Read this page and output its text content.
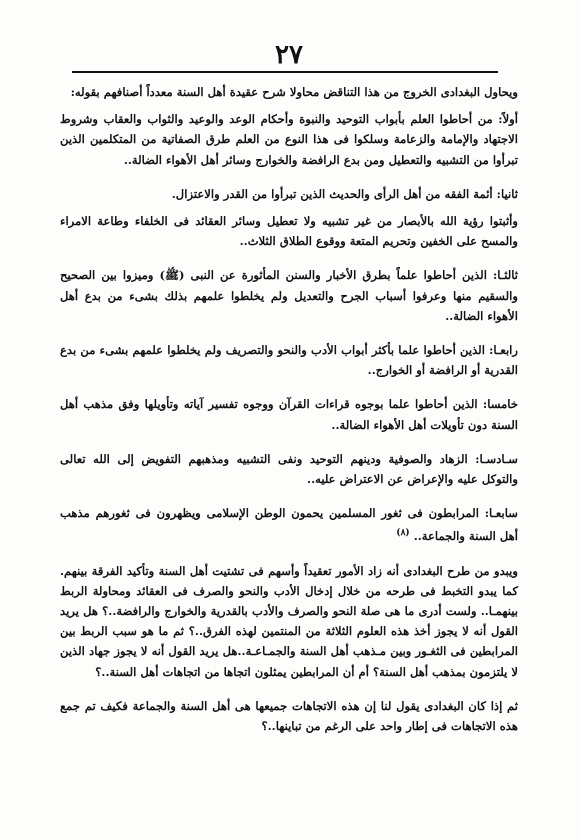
٢٧

ويحاول البغدادى الخروج من هذا التناقض محاولا شرح عقيدة أهل السنة معدداً أصنافهم بقوله:

أولاً: من أحاطوا العلم بأبواب التوحيد والنبوة وأحكام الوعد والوعيد والثواب والعقاب وشروط الاجتهاد والإمامة والزعامة وسلكوا فى هذا النوع من العلم طرق الصفاتية من المتكلمين الذين تبرأوا من التشبيه والتعطيل ومن بدع الرافضة والخوارج وسائر أهل الأهواء الضالة..

ثانيا: أئمة الفقه من أهل الرأى والحديث الذين تبرأوا من القدر والاعتزال.

وأثبتوا رؤية الله بالأبصار من غير تشبيه ولا تعطيل وسائر العقائد فى الخلفاء وطاعة الامراء والمسح على الخفين وتحريم المتعة ووقوع الطلاق الثلاث..

ثالثـا: الذين أحاطوا علماً بطرق الأخبار والسنن المأثورة عن النبى (ﷺ) وميزوا بين الصحيح والسقيم منها وعرفوا أسباب الجرح والتعديل ولم يخلطوا علمهم بذلك بشىء من بدع أهل الأهواء الضالة..

رابعـا: الذين أحاطوا علما بأكثر أبواب الأدب والنحو والتصريف ولم يخلطوا علمهم بشىء من بدع القدرية أو الرافضة أو الخوارج..

خامسا: الذين أحاطوا علما بوجوه قراءات القرآن ووجوه تفسير آياته وتأويلها وفق مذهب أهل السنة دون تأويلات أهل الأهواء الضالة..

سـادسـا: الزهاد والصوفية ودينهم التوحيد ونفى التشبيه ومذهبهم التفويض إلى الله تعالى والتوكل عليه والإعراض عن الاعتراض عليه..

سابعـا: المرابطون فى ثغور المسلمين يحمون الوطن الإسلامى ويظهرون فى ثغورهم مذهب أهل السنة والجماعة.. $^{(٨)}$

ويبدو من طرح البغدادى أنه زاد الأمور تعقيداً وأسهم فى تشتيت أهل السنة وتأكيد الفرقة بينهم. كما يبدو التخبط فى طرحه من خلال إدخال الأدب والنحو والصرف فى العقائد ومحاولة الربط بينهمـا.. ولست أدرى ما هى صلة النحو والصرف والأدب بالقدرية والخوارج والرافضة..؟ هل يريد القول أنه لا يجوز أخذ هذه العلوم الثلاثة من المنتمين لهذه الفرق..؟ ثم ما هو سبب الربط بين المرابطين فى الثغـور وبين مـذهب أهل السنة والجمـاعـة..هل يريد القول أنه لا يجوز جهاد الذين لا يلتزمون بمذهب أهل السنة؟ أم أن المرابطين يمثلون اتجاها من اتجاهات أهل السنة..؟

ثم إذا كان البغدادى يقول لنا إن هذه الاتجاهات جميعها هى أهل السنة والجماعة فكيف تم جمع هذه الاتجاهات فى إطار واحد على الرغم من تباينها..؟
